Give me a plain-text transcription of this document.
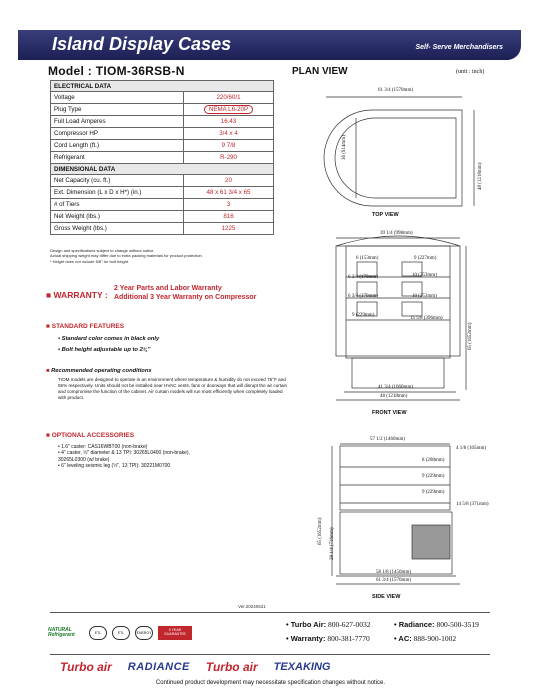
Island Display Cases	Self- Serve Merchandisers
Model : TIOM-36RSB-N	PLAN VIEW	(unit : inch)
ELECTRICAL DATA	
Voltage	220/60/1
Plug Type	NEMA L6-20P
Full Load Amperes	16.43
Compressor HP	3/4 x 4
Cord Length (ft.)	9 7/8
Refrigerant	R-290
DIMENSIONAL DATA	
Net Capacity (cu. ft.)	20
Ext. Dimension (L x D x H*) (in.)	48 x 61 3/4 x 65
# of Tiers	3
Net Weight (lbs.)	816
Gross Weight (lbs.)	1225
Design and specifications subject to change without notice.
Actual shipping weight may differ due to extra packing materials for product protection.
* Height does not include 5/8" for bolt height.
■ WARRANTY :
2 Year Parts and Labor Warranty
Additional 3 Year Warranty on Compressor
■ STANDARD FEATURES
• Standard color comes in black only
• Bolt height adjustable up to 2¾"
■ Recommended operating conditions
TIOM models are designed to operate in an environment where temperature & humidity do not exceed 75°F and 55% respectively. Units should not be installed near HVAC vents, fans or doorways that will disrupt the air curtain and compromise the function of the cabinet. Air curtain models will run most efficiently when completely loaded with product.
■ OPTIONAL ACCESSORIES
• 1.6" caster: CAS16WBT00 (non-brake)
• 4" caster, ½" diameter & 13 TPI: 30265L0400 (non-brake),
30265L0300 (w/ brake)
• 6" leveling seismic leg (½", 13 TPI): 30221M0700
TOP VIEW
FRONT VIEW
SIDE VIEW
61 3/4 (1570mm)
36 (914mm)
48 (1218mm)
39 1/4 (998mm)
6 (153mm)	9 (227mm)
6 3/4 (170mm)	10 (253mm)
6 3/4 (170mm)	10 (253mm)
9 (229mm)
15 5/8 (396mm)
65 (1652mm)
41 3/4 (1060mm)
48 (1218mm)
57 1/2 (1460mm)
4 1/8 (105mm)
8 (208mm)
9 (229mm)
9 (229mm)
14 5/8 (371mm)
65 (1652mm) 28 1/4 (716mm)
58 1/8 (1450mm)
61 3/4 (1570mm)
Ver.20240531
NATURAL Refrigerant	ETL	ETL	ENERGY
5 YEAR GUARANTEE
• Turbo Air: 800-627-0032	• Radiance: 800-500-3519
• Warranty: 800-381-7770	• AC: 888-900-1002
Turbo air RADIANCE Turbo air TEXAKING
Continued product development may necessitate specification changes without notice.
